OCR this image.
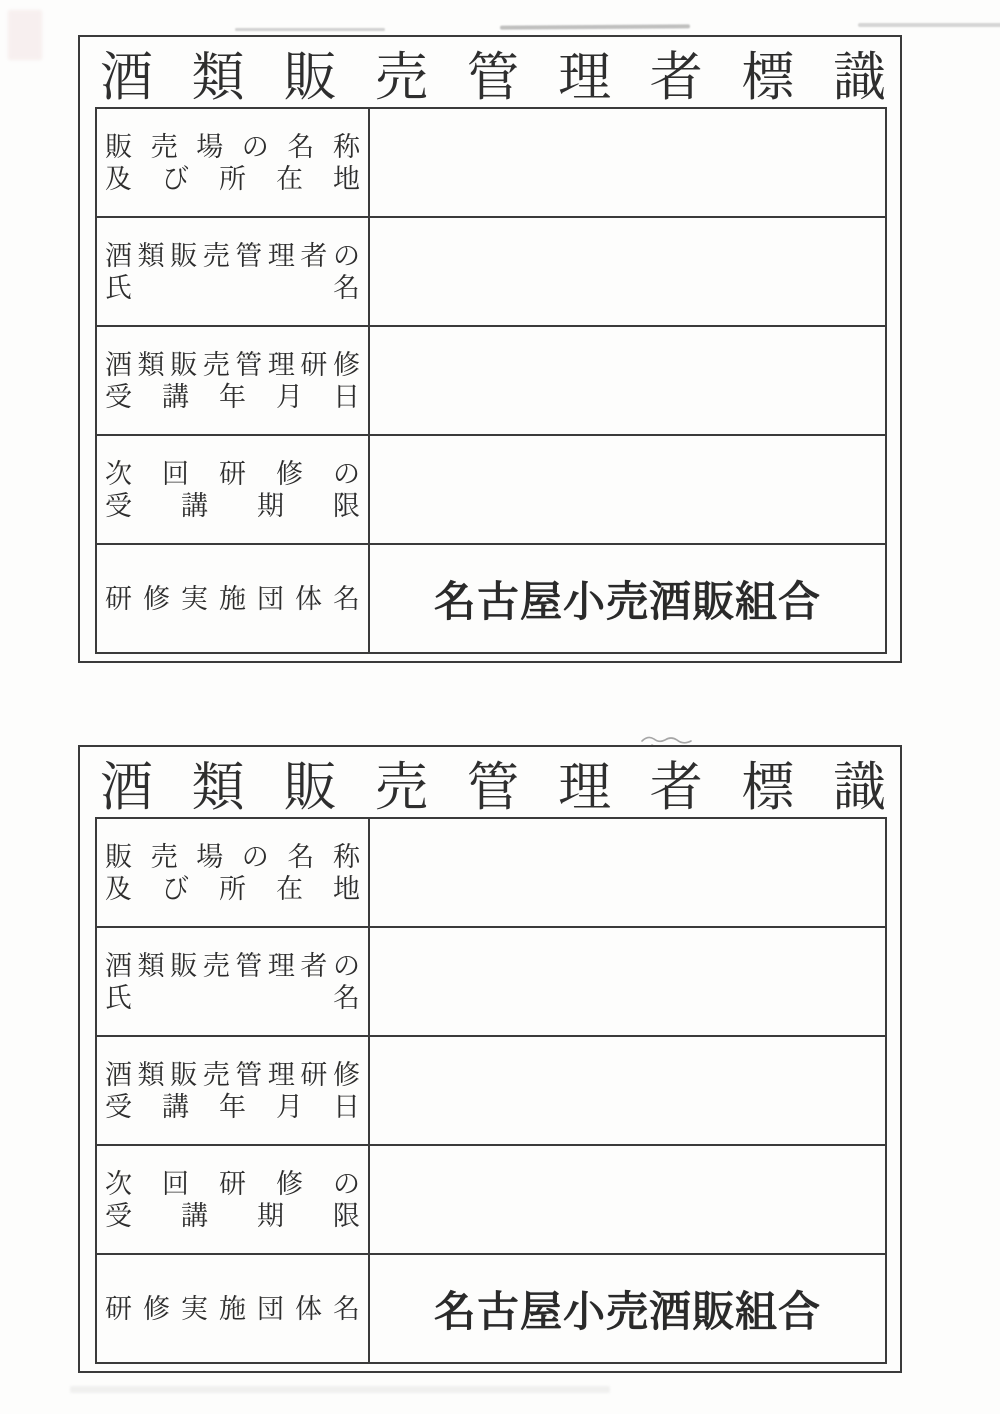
酒類販売管理者標識
販売場の名称
及び所在地
酒類販売管理者の
氏名
酒類販売管理研修
受講年月日
次回研修の
受講期限
研修実施団体名	名古屋小売酒販組合
酒類販売管理者標識
販売場の名称
及び所在地
酒類販売管理者の
氏名
酒類販売管理研修
受講年月日
次回研修の
受講期限
研修実施団体名	名古屋小売酒販組合
